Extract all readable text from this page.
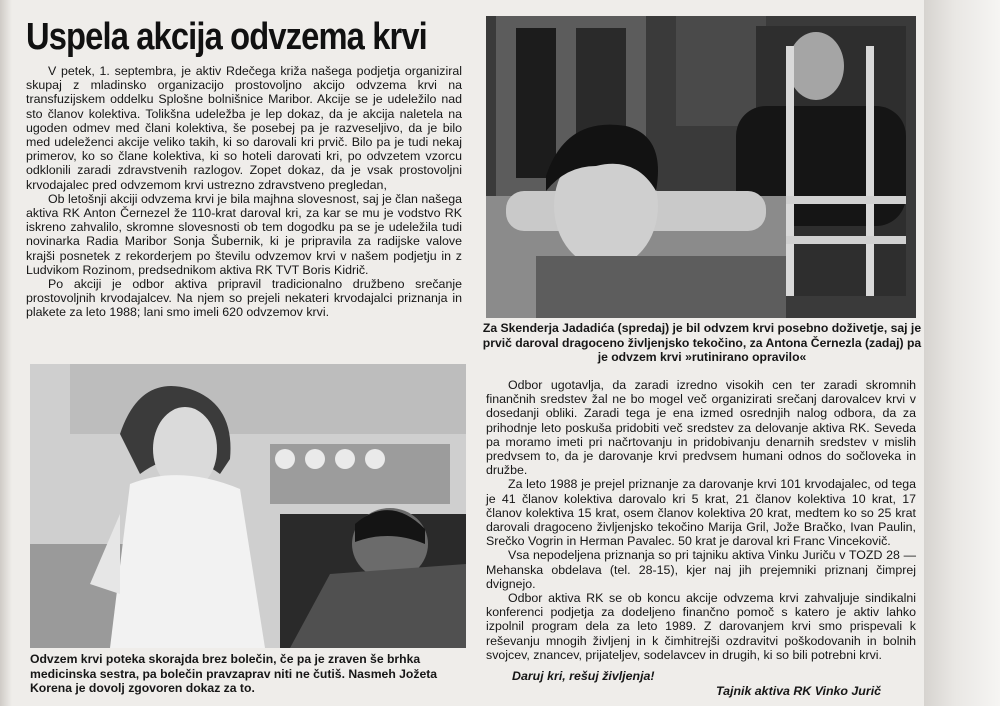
Uspela akcija odvzema krvi

V petek, 1. septembra, je aktiv Rdečega križa našega podjetja organiziral skupaj z mladinsko organizacijo prostovoljno akcijo odvzema krvi na transfuzijskem oddelku Splošne bolnišnice Maribor. Akcije se je udeležilo nad sto članov kolektiva. Tolikšna udeležba je lep dokaz, da je akcija naletela na ugoden odmev med člani kolektiva, še posebej pa je razveseljivo, da je bilo med udeleženci akcije veliko takih, ki so darovali kri prvič. Bilo pa je tudi nekaj primerov, ko so člane kolektiva, ki so hoteli darovati kri, po odvzetem vzorcu odklonili zaradi zdravstvenih razlogov. Zopet dokaz, da je vsak prostovoljni krvodajalec pred odvzemom krvi ustrezno zdravstveno pregledan,

Ob letošnji akciji odvzema krvi je bila majhna slovesnost, saj je član našega aktiva RK Anton Černezel že 110-krat daroval kri, za kar se mu je vodstvo RK iskreno zahvalilo, skromne slovesnosti ob tem dogodku pa se je udeležila tudi novinarka Radia Maribor Sonja Šubernik, ki je pripravila za radijske valove krajši posnetek z rekorderjem po številu odvzemov krvi v našem podjetju in z Ludvikom Rozinom, predsednikom aktiva RK TVT Boris Kidrič.

Po akciji je odbor aktiva pripravil tradicionalno družbeno srečanje prostovoljnih krvodajalcev. Na njem so prejeli nekateri krvodajalci priznanja in plakete za leto 1988; lani smo imeli 620 odvzemov krvi.

Za Skenderja Jadadića (spredaj) je bil odvzem krvi posebno doživetje, saj je prvič daroval dragoceno življenjsko tekočino, za Antona Černezla (zadaj) pa je odvzem krvi »rutinirano opravilo«

Odbor ugotavlja, da zaradi izredno visokih cen ter zaradi skromnih finančnih sredstev žal ne bo mogel več organizirati srečanj darovalcev krvi v dosedanji obliki. Zaradi tega je ena izmed osrednjih nalog odbora, da za prihodnje leto poskuša pridobiti več sredstev za delovanje aktiva RK. Seveda pa moramo imeti pri načrtovanju in pridobivanju denarnih sredstev v mislih predvsem to, da je darovanje krvi predvsem humani odnos do sočloveka in družbe.

Za leto 1988 je prejel priznanje za darovanje krvi 101 krvodajalec, od tega je 41 članov kolektiva darovalo kri 5 krat, 21 članov kolektiva 10 krat, 17 članov kolektiva 15 krat, osem članov kolektiva 20 krat, medtem ko so 25 krat darovali dragoceno življenjsko tekočino Marija Gril, Jože Bračko, Ivan Paulin, Srečko Vogrin in Herman Pavalec. 50 krat je daroval kri Franc Vincekovič.

Vsa nepodeljena priznanja so pri tajniku aktiva Vinku Juriču v TOZD 28 — Mehanska obdelava (tel. 28-15), kjer naj jih prejemniki priznanj čimprej dvignejo.

Odbor aktiva RK se ob koncu akcije odvzema krvi zahvaljuje sindikalni konferenci podjetja za dodeljeno finančno pomoč s katero je aktiv lahko izpolnil program dela za leto 1989. Z darovanjem krvi smo prispevali k reševanju mnogih življenj in k čimhitrejši ozdravitvi poškodovanih in bolnih svojcev, znancev, prijateljev, sodelavcev in drugih, ki so bili potrebni krvi.

Odvzem krvi poteka skorajda brez bolečin, če pa je zraven še brhka medicinska sestra, pa bolečin pravzaprav niti ne čutiš. Nasmeh Jožeta Korena je dovolj zgovoren dokaz za to.
Daruj kri, rešuj življenja!
Tajnik aktiva RK Vinko Jurič
